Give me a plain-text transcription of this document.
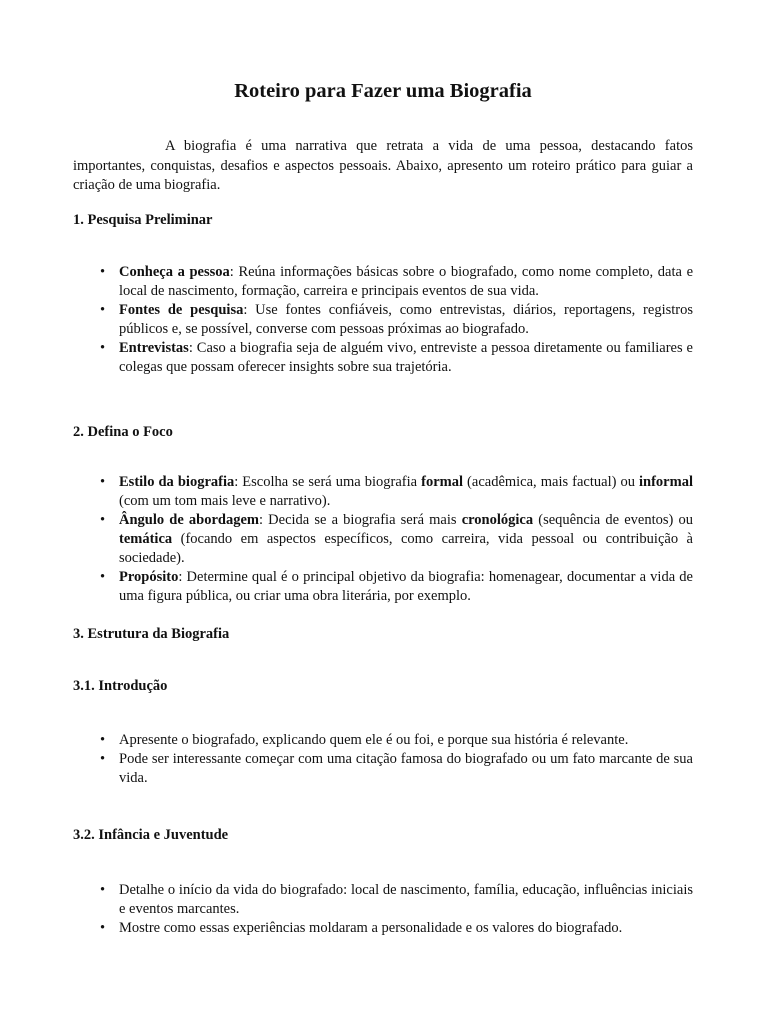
Roteiro para Fazer uma Biografia

A biografia é uma narrativa que retrata a vida de uma pessoa, destacando fatos importantes, conquistas, desafios e aspectos pessoais. Abaixo, apresento um roteiro prático para guiar a criação de uma biografia.

1. Pesquisa Preliminar
• Conheça a pessoa: Reúna informações básicas sobre o biografado, como nome completo, data e local de nascimento, formação, carreira e principais eventos de sua vida.
• Fontes de pesquisa: Use fontes confiáveis, como entrevistas, diários, reportagens, registros públicos e, se possível, converse com pessoas próximas ao biografado.
• Entrevistas: Caso a biografia seja de alguém vivo, entreviste a pessoa diretamente ou familiares e colegas que possam oferecer insights sobre sua trajetória.
2. Defina o Foco
• Estilo da biografia: Escolha se será uma biografia formal (acadêmica, mais factual) ou informal (com um tom mais leve e narrativo).
• Ângulo de abordagem: Decida se a biografia será mais cronológica (sequência de eventos) ou temática (focando em aspectos específicos, como carreira, vida pessoal ou contribuição à sociedade).
• Propósito: Determine qual é o principal objetivo da biografia: homenagear, documentar a vida de uma figura pública, ou criar uma obra literária, por exemplo.
3. Estrutura da Biografia
3.1. Introdução
• Apresente o biografado, explicando quem ele é ou foi, e porque sua história é relevante.
• Pode ser interessante começar com uma citação famosa do biografado ou um fato marcante de sua vida.
3.2. Infância e Juventude
• Detalhe o início da vida do biografado: local de nascimento, família, educação, influências iniciais e eventos marcantes.
• Mostre como essas experiências moldaram a personalidade e os valores do biografado.
